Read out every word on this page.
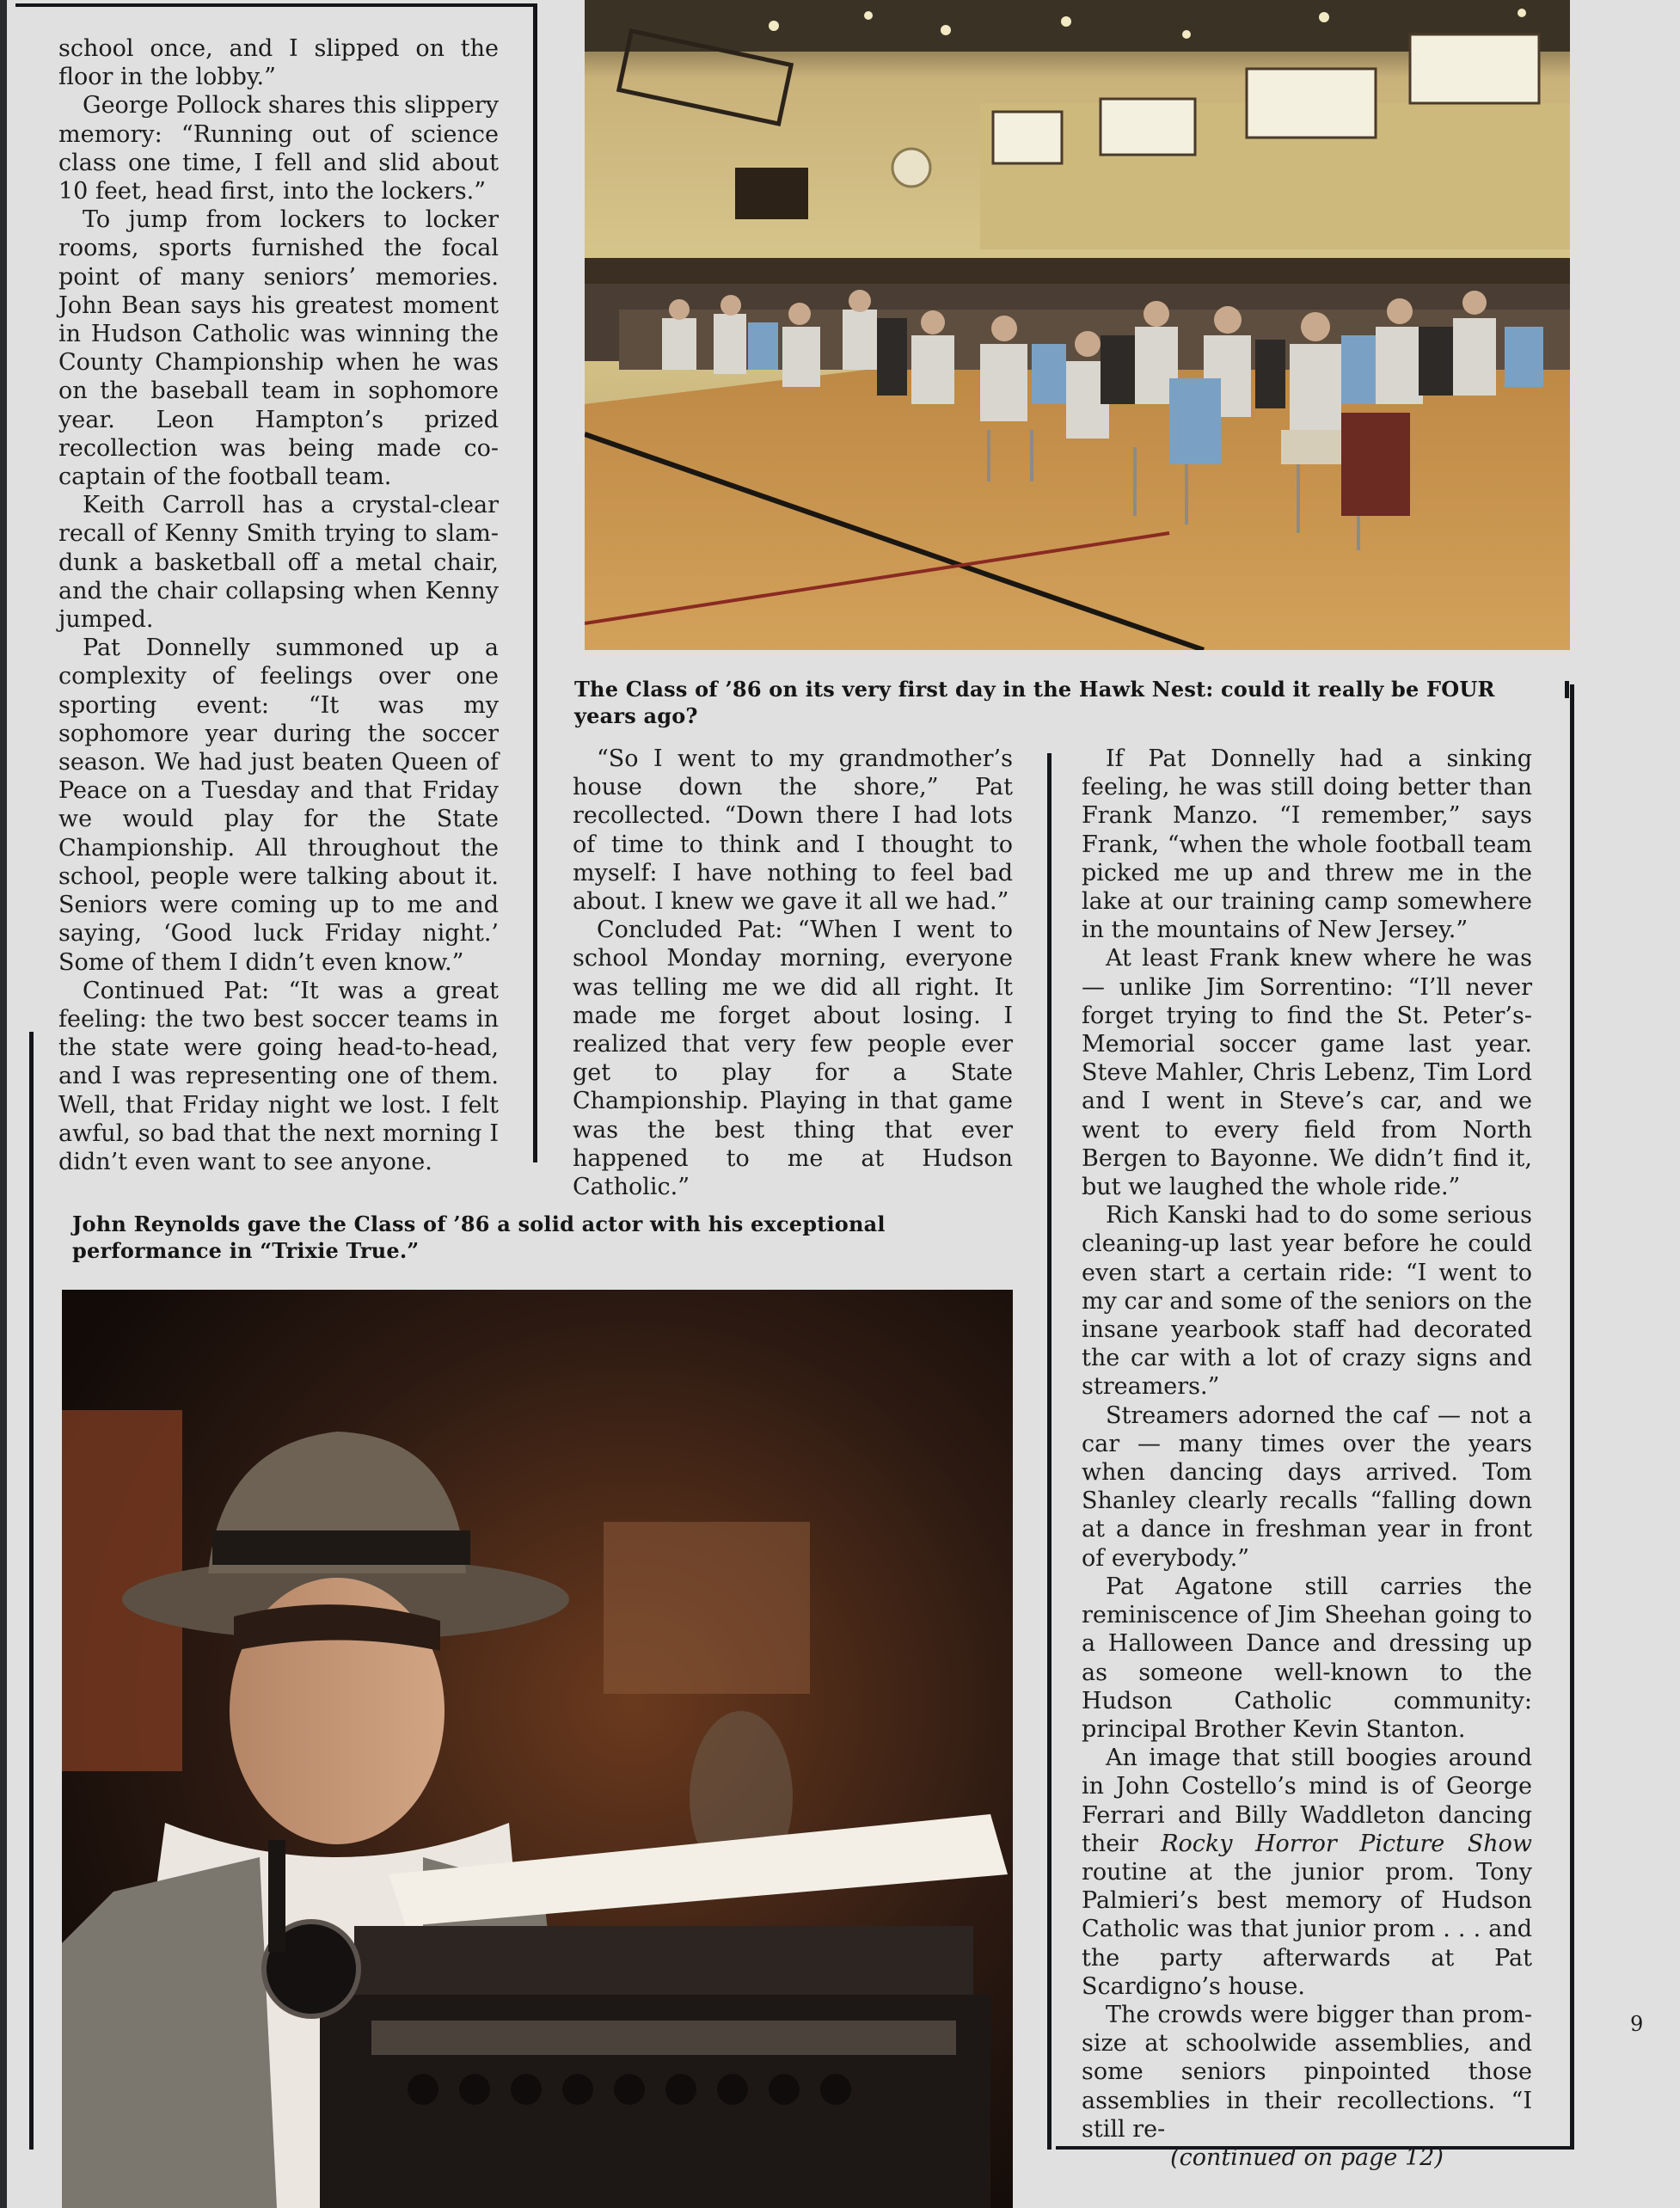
school once, and I slipped on the floor in the lobby.”

George Pollock shares this slippery memory: “Running out of science class one time, I fell and slid about 10 feet, head first, into the lockers.”

To jump from lockers to locker rooms, sports furnished the focal point of many seniors’ memories. John Bean says his greatest moment in Hudson Catholic was winning the County Championship when he was on the baseball team in sophomore year. Leon Hampton’s prized recollection was being made co-captain of the football team.

Keith Carroll has a crystal-clear recall of Kenny Smith trying to slam-dunk a basketball off a metal chair, and the chair collapsing when Kenny jumped.

Pat Donnelly summoned up a complexity of feelings over one sporting event: “It was my sophomore year during the soccer season. We had just beaten Queen of Peace on a Tuesday and that Friday we would play for the State Championship. All throughout the school, people were talking about it. Seniors were coming up to me and saying, ‘Good luck Friday night.’ Some of them I didn’t even know.”

Continued Pat: “It was a great feeling: the two best soccer teams in the state were going head-to-head, and I was representing one of them. Well, that Friday night we lost. I felt awful, so bad that the next morning I didn’t even want to see anyone.

The Class of ’86 on its very first day in the Hawk Nest: could it really be FOUR years ago?

“So I went to my grandmother’s house down the shore,” Pat recollected. “Down there I had lots of time to think and I thought to myself: I have nothing to feel bad about. I knew we gave it all we had.”

Concluded Pat: “When I went to school Monday morning, everyone was telling me we did all right. It made me forget about losing. I realized that very few people ever get to play for a State Championship. Playing in that game was the best thing that ever happened to me at Hudson Catholic.”

If Pat Donnelly had a sinking feeling, he was still doing better than Frank Manzo. “I remember,” says Frank, “when the whole football team picked me up and threw me in the lake at our training camp somewhere in the mountains of New Jersey.”

At least Frank knew where he was — unlike Jim Sorrentino: “I’ll never forget trying to find the St. Peter’s-Memorial soccer game last year. Steve Mahler, Chris Lebenz, Tim Lord and I went in Steve’s car, and we went to every field from North Bergen to Bayonne. We didn’t find it, but we laughed the whole ride.”

Rich Kanski had to do some serious cleaning-up last year before he could even start a certain ride: “I went to my car and some of the seniors on the insane yearbook staff had decorated the car with a lot of crazy signs and streamers.”

Streamers adorned the caf — not a car — many times over the years when dancing days arrived. Tom Shanley clearly recalls “falling down at a dance in freshman year in front of everybody.”

Pat Agatone still carries the reminiscence of Jim Sheehan going to a Halloween Dance and dressing up as someone well-known to the Hudson Catholic community: principal Brother Kevin Stanton.

An image that still boogies around in John Costello’s mind is of George Ferrari and Billy Waddleton dancing their Rocky Horror Picture Show routine at the junior prom. Tony Palmieri’s best memory of Hudson Catholic was that junior prom . . . and the party afterwards at Pat Scardigno’s house.

The crowds were bigger than prom-size at schoolwide assemblies, and some seniors pinpointed those assemblies in their recollections. “I still re-

(continued on page 12)

John Reynolds gave the Class of ’86 a solid actor with his exceptional performance in “Trixie True.”
9
